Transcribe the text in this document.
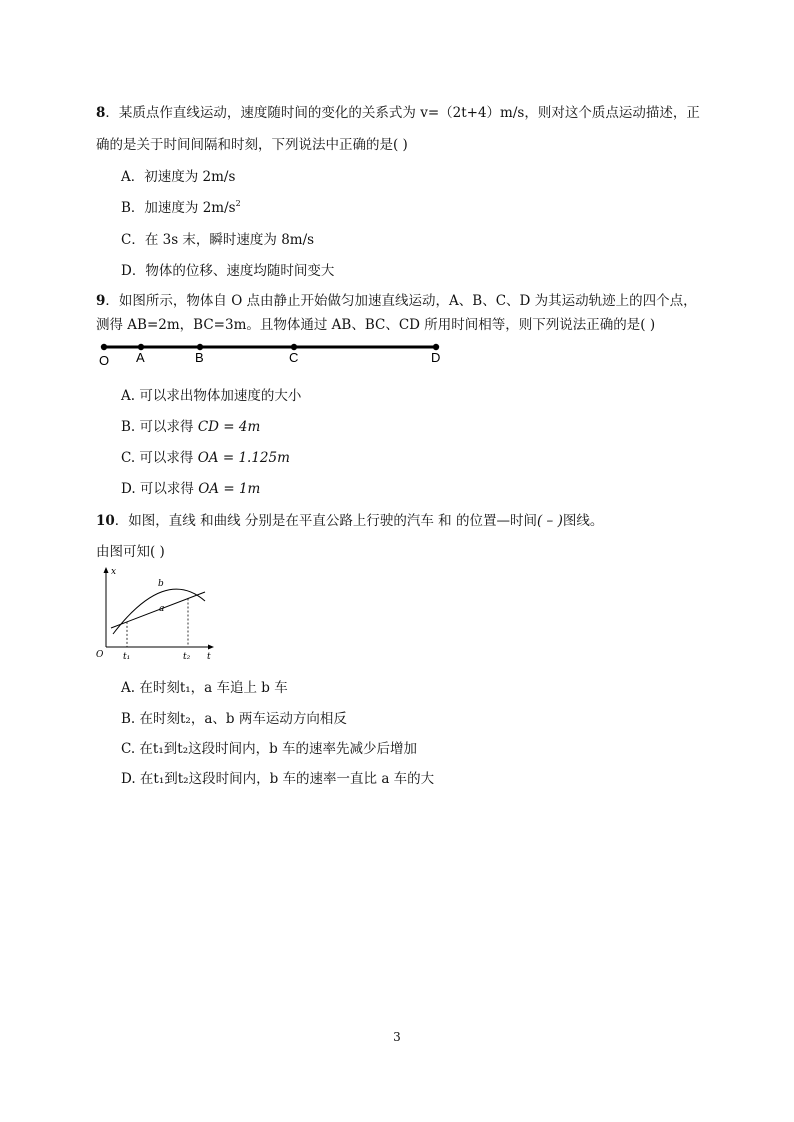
8．某质点作直线运动，速度随时间的变化的关系式为 v=（2t+4）m/s，则对这个质点运动描述，正
确的是关于时间间隔和时刻，下列说法中正确的是( )
A．初速度为 2m/s
B．加速度为 $2m/s^2$
C．在 3s 末，瞬时速度为 8m/s
D．物体的位移、速度均随时间变大
9．如图所示，物体自 O 点由静止开始做匀加速直线运动，A、B、C、D 为其运动轨迹上的四个点，
测得 AB=2m，BC=3m。且物体通过 AB、BC、CD 所用时间相等，则下列说法正确的是( )
O A	B	C	D
A. 可以求出物体加速度的大小
B. 可以求得 CD = 4m
C. 可以求得 OA = 1.125m
D. 可以求得 OA = 1m
10．如图，直线 和曲线 分别是在平直公路上行驶的汽车 和 的位置—时间( – )图线。
由图可知( )
x
t
O
b
a
t₁	t₂
A. 在时刻t₁，a 车追上 b 车
B. 在时刻t₂，a、b 两车运动方向相反
C. 在t₁到t₂这段时间内，b 车的速率先减少后增加
D. 在t₁到t₂这段时间内，b 车的速率一直比 a 车的大
3
